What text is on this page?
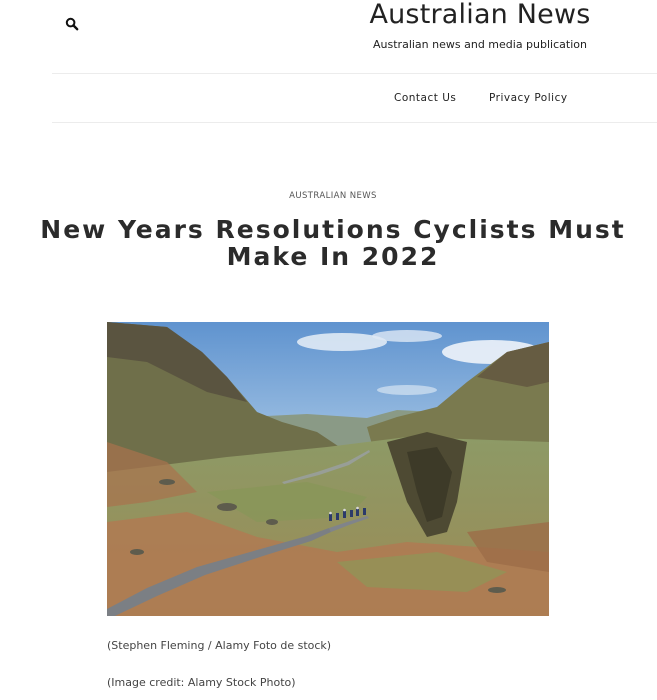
Australian News
Australian news and media publication
Contact Us	Privacy Policy
AUSTRALIAN NEWS
New Years Resolutions Cyclists Must
Make In 2022
(Stephen Fleming / Alamy Foto de stock)
(Image credit: Alamy Stock Photo)
